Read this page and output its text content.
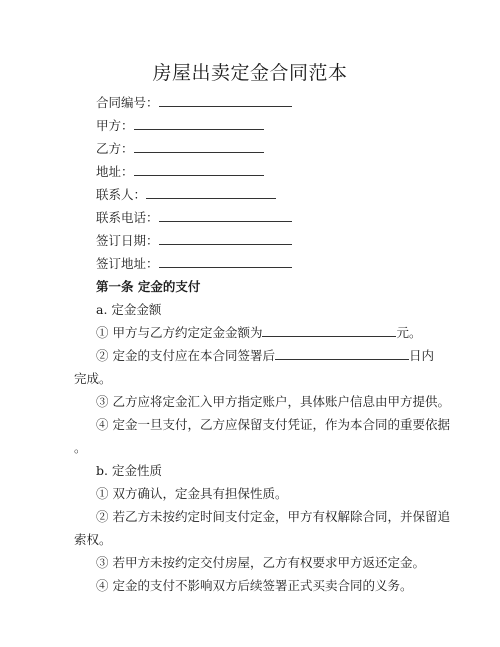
房屋出卖定金合同范本
合同编号：
甲方：
乙方：
地址：
联系人：
联系电话：
签订日期：
签订地址：
第一条 定金的支付
a. 定金金额
① 甲方与乙方约定定金金额为	元。
② 定金的支付应在本合同签署后	日内
完成。
③ 乙方应将定金汇入甲方指定账户，具体账户信息由甲方提供。
④ 定金一旦支付，乙方应保留支付凭证，作为本合同的重要依据
。
b. 定金性质
① 双方确认，定金具有担保性质。
② 若乙方未按约定时间支付定金，甲方有权解除合同，并保留追
索权。
③ 若甲方未按约定交付房屋，乙方有权要求甲方返还定金。
④ 定金的支付不影响双方后续签署正式买卖合同的义务。
